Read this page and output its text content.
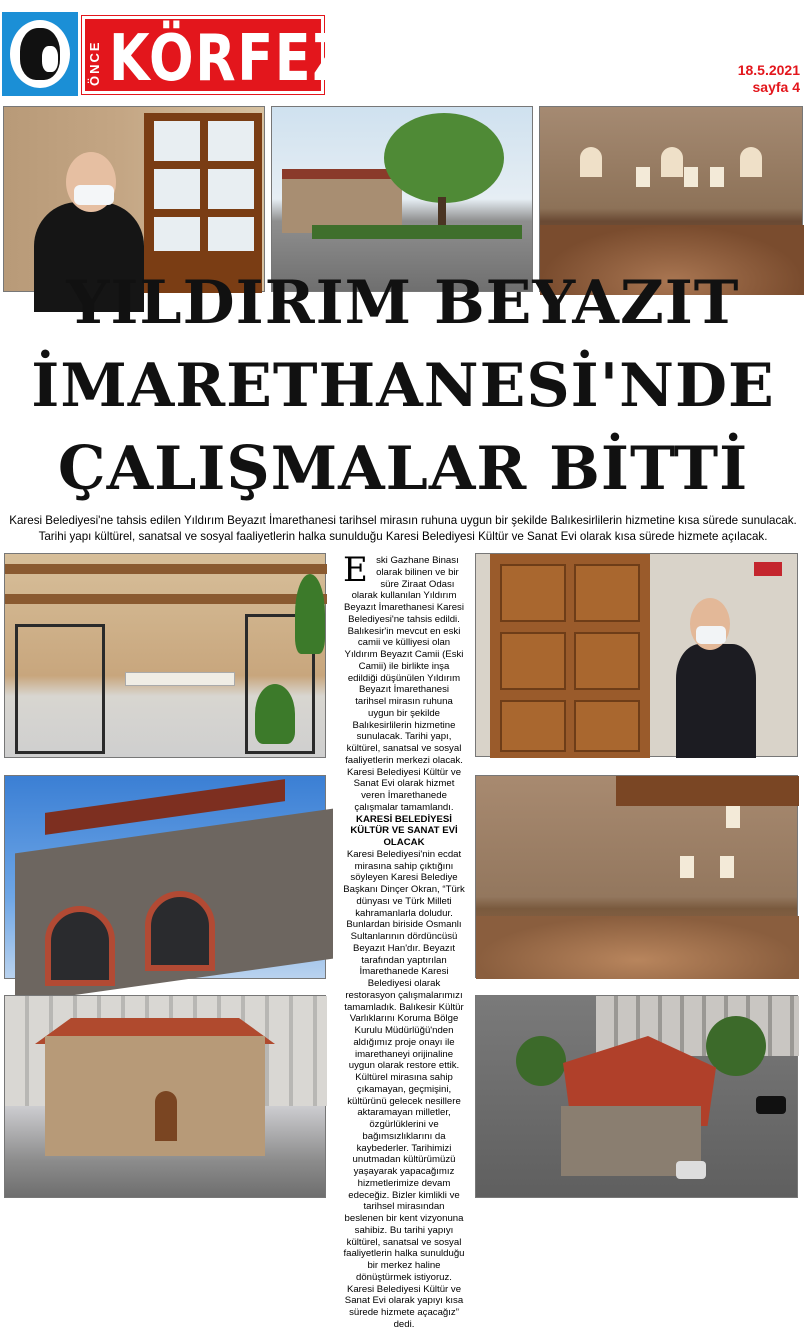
ÖNCE KÖRFEZ	18.5.2021
sayfa 4
YILDIRIM BEYAZIT
İMARETHANESİ'NDE
ÇALIŞMALAR BİTTİ
Karesi Belediyesi'ne tahsis edilen Yıldırım Beyazıt İmarethanesi tarihsel mirasın ruhuna uygun bir şekilde Balıkesirlilerin hizmetine kısa sürede sunulacak.
Tarihi yapı kültürel, sanatsal ve sosyal faaliyetlerin halka sunulduğu Karesi Belediyesi Kültür ve Sanat Evi olarak kısa sürede hizmete açılacak.

Eski Gazhane Binası olarak bilinen ve bir süre Ziraat Odası olarak kullanılan Yıldırım Beyazıt İmarethanesi Karesi Belediyesi'ne tahsis edildi. Balıkesir'in mevcut en eski camii ve külliyesi olan Yıldırım Beyazıt Camii (Eski Camii) ile birlikte inşa edildiği düşünülen Yıldırım Beyazıt İmarethanesi tarihsel mirasın ruhuna uygun bir şekilde Balıkesirlilerin hizmetine sunulacak. Tarihi yapı, kültürel, sanatsal ve sosyal faaliyetlerin merkezi olacak. Karesi Belediyesi Kültür ve Sanat Evi olarak hizmet veren İmarethanede çalışmalar tamamlandı.

KARESİ BELEDİYESİ KÜLTÜR VE SANAT EVİ OLACAK

Karesi Belediyesi'nin ecdat mirasına sahip çıktığını söyleyen Karesi Belediye Başkanı Dinçer Okran, “Türk dünyası ve Türk Milleti kahramanlarla doludur. Bunlardan biriside Osmanlı Sultanlarının dördüncüsü Beyazıt Han'dır. Beyazıt tarafından yaptırılan İmarethanede Karesi Belediyesi olarak restorasyon çalışmalarımızı tamamladık. Balıkesir Kültür Varlıklarını Koruma Bölge Kurulu Müdürlüğü'nden aldığımız proje onayı ile imarethaneyi orijinaline uygun olarak restore ettik. Kültürel mirasına sahip çıkamayan, geçmişini, kültürünü gelecek nesillere aktaramayan milletler, özgürlüklerini ve bağımsızlıklarını da kaybederler. Tarihimizi unutmadan kültürümüzü yaşayarak yapacağımız hizmetlerimize devam edeceğiz. Bizler kimlikli ve tarihsel mirasından beslenen bir kent vizyonuna sahibiz. Bu tarihi yapıyı kültürel, sanatsal ve sosyal faaliyetlerin halka sunulduğu bir merkez haline dönüştürmek istiyoruz. Karesi Belediyesi Kültür ve Sanat Evi olarak yapıyı kısa sürede hizmete açacağız” dedi.
